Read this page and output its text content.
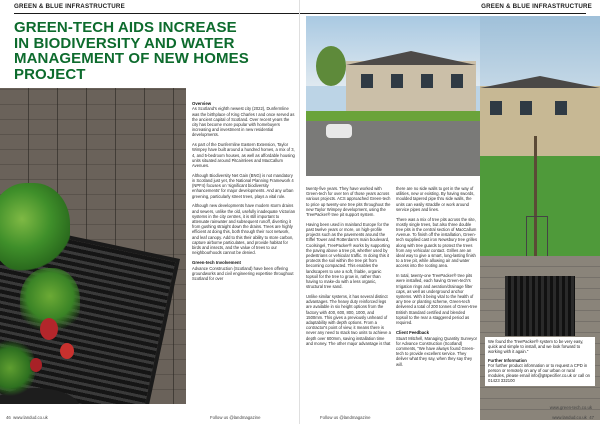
GREEN & BLUE INFRASTRUCTURE
GREEN-TECH AIDS INCREASE
IN BIODIVERSITY AND WATER
MANAGEMENT OF NEW HOMES
PROJECT

Overview
As Scotland's eighth newest city (2022), Dunfermline was the birthplace of King Charles I and once served as the ancient capital of Scotland. Over recent years the city has become more popular with homebuyers increasing and investment in new residential developments.

As part of the Dunfermline Eastern Extension, Taylor Wimpey have built around a hundred homes, a mix of 3, 4, and 5-bedroom houses, as well as affordable housing units situated around Pitcairnlees and MacCallum Avenues.

Although Biodiversity Net Gain (BNG) is not mandatory in Scotland just yet, the National Planning Framework 4 (NPF4) focuses on 'significant biodiversity enhancements' for major developments. And any urban greening, particularly street trees, plays a vital role.

Although new developments have modern storm drains and sewers, unlike the old, usefully inadequate Victorian systems in the city centres, it is still important to attenuate rainwater and subsequent runoff, diverting it from gushing straight down the drains. Trees are highly efficient at doing this, both through their root network, and leaf canopy. Add to this their ability to store carbon, capture airborne particulates, and provide habitat for birds and insects, and the value of trees to our neighbourhoods cannot be denied.

Green-tech Involvement
Advance Construction (Scotland) have been offering groundworks and civil engineering expertise throughout Scotland for over

46 www.landud.co.uk	Follow us @landmagazine
GREEN & BLUE INFRASTRUCTURE

twenty-five years. They have worked with Green-tech for over ten of those years across various projects. ACS approached Green-tech to price up twenty-one tree pits throughout the new Taylor Wimpey development, using the TreePacker® tree pit support system.

Having been used in mainland Europe for the past twelve years or more, on high-profile projects such as the pavements around the Eiffel Tower and Rotterdam's main boulevard, Coolsingel, TreePacker® works by supporting the paving above a tree pit, whether used by pedestrians or vehicular traffic. In doing this it protects the soil within the tree pit from becoming compacted. This enables the landscapers to use a soft, friable, organic topsoil for the tree to grow in, rather than having to make-do with a less organic, structural tree sand.

Unlike similar systems, it has several distinct advantages. The heavy duty reinforced legs are available in six height options from the factory with 400, 600, 800, 1000, and 1500mm. This gives a previously unheard of adaptability with depth options. From a contractor's point of view, it means there is never any need to stack two units to achieve a depth over 600mm, saving installation time and money. The other major advantage is that

there are no side walls to get in the way of utilities, new or existing. By having swords, moulded tapered pipe thru side walls, the units can easily straddle or work around service pipes and lines.

There was a mix of tree pits across the site, mostly single trees, but also three double tree pits in the central section of MacCallum Avenue. To finish off the installation, Green-tech supplied cast iron Newsbury tree grilles along with tree guards to protect the trees from any vehicular contact. Grilles are an ideal way to give a smart, long-lasting finish to a tree pit, while allowing air and water access into the rooting area.

In total, twenty-one TreePacker® tree pits were installed, each having Green-tech's Irrigation rings and aeration/drainage filter caps, as well as underground anchor systems. With it being vital to the health of any tree or planting scheme, Green-tech delivered a total of 200 tonnes of Green-tree British Standard certified and blended topsoil to the rear a staggered period as required.

Client Feedback
Stuart Mitchell, Managing Quantity Surveyor for Advance Construction (Scotland) comments, "We have always found Green-tech to provide excellent service. They deliver what they say, when they say they will.

We found the TreePacker® system to be very easy, quick and simple to install, and we look forward to working with it again."
Further Information
For further product information or to request a CPD in person or remotely on any of our urban or rural modules, please email info@gtspecifier.co.uk or call on 01423 332100
Follow us @landmagazine	www.landud.co.uk 47
www.green-tech.co.uk
